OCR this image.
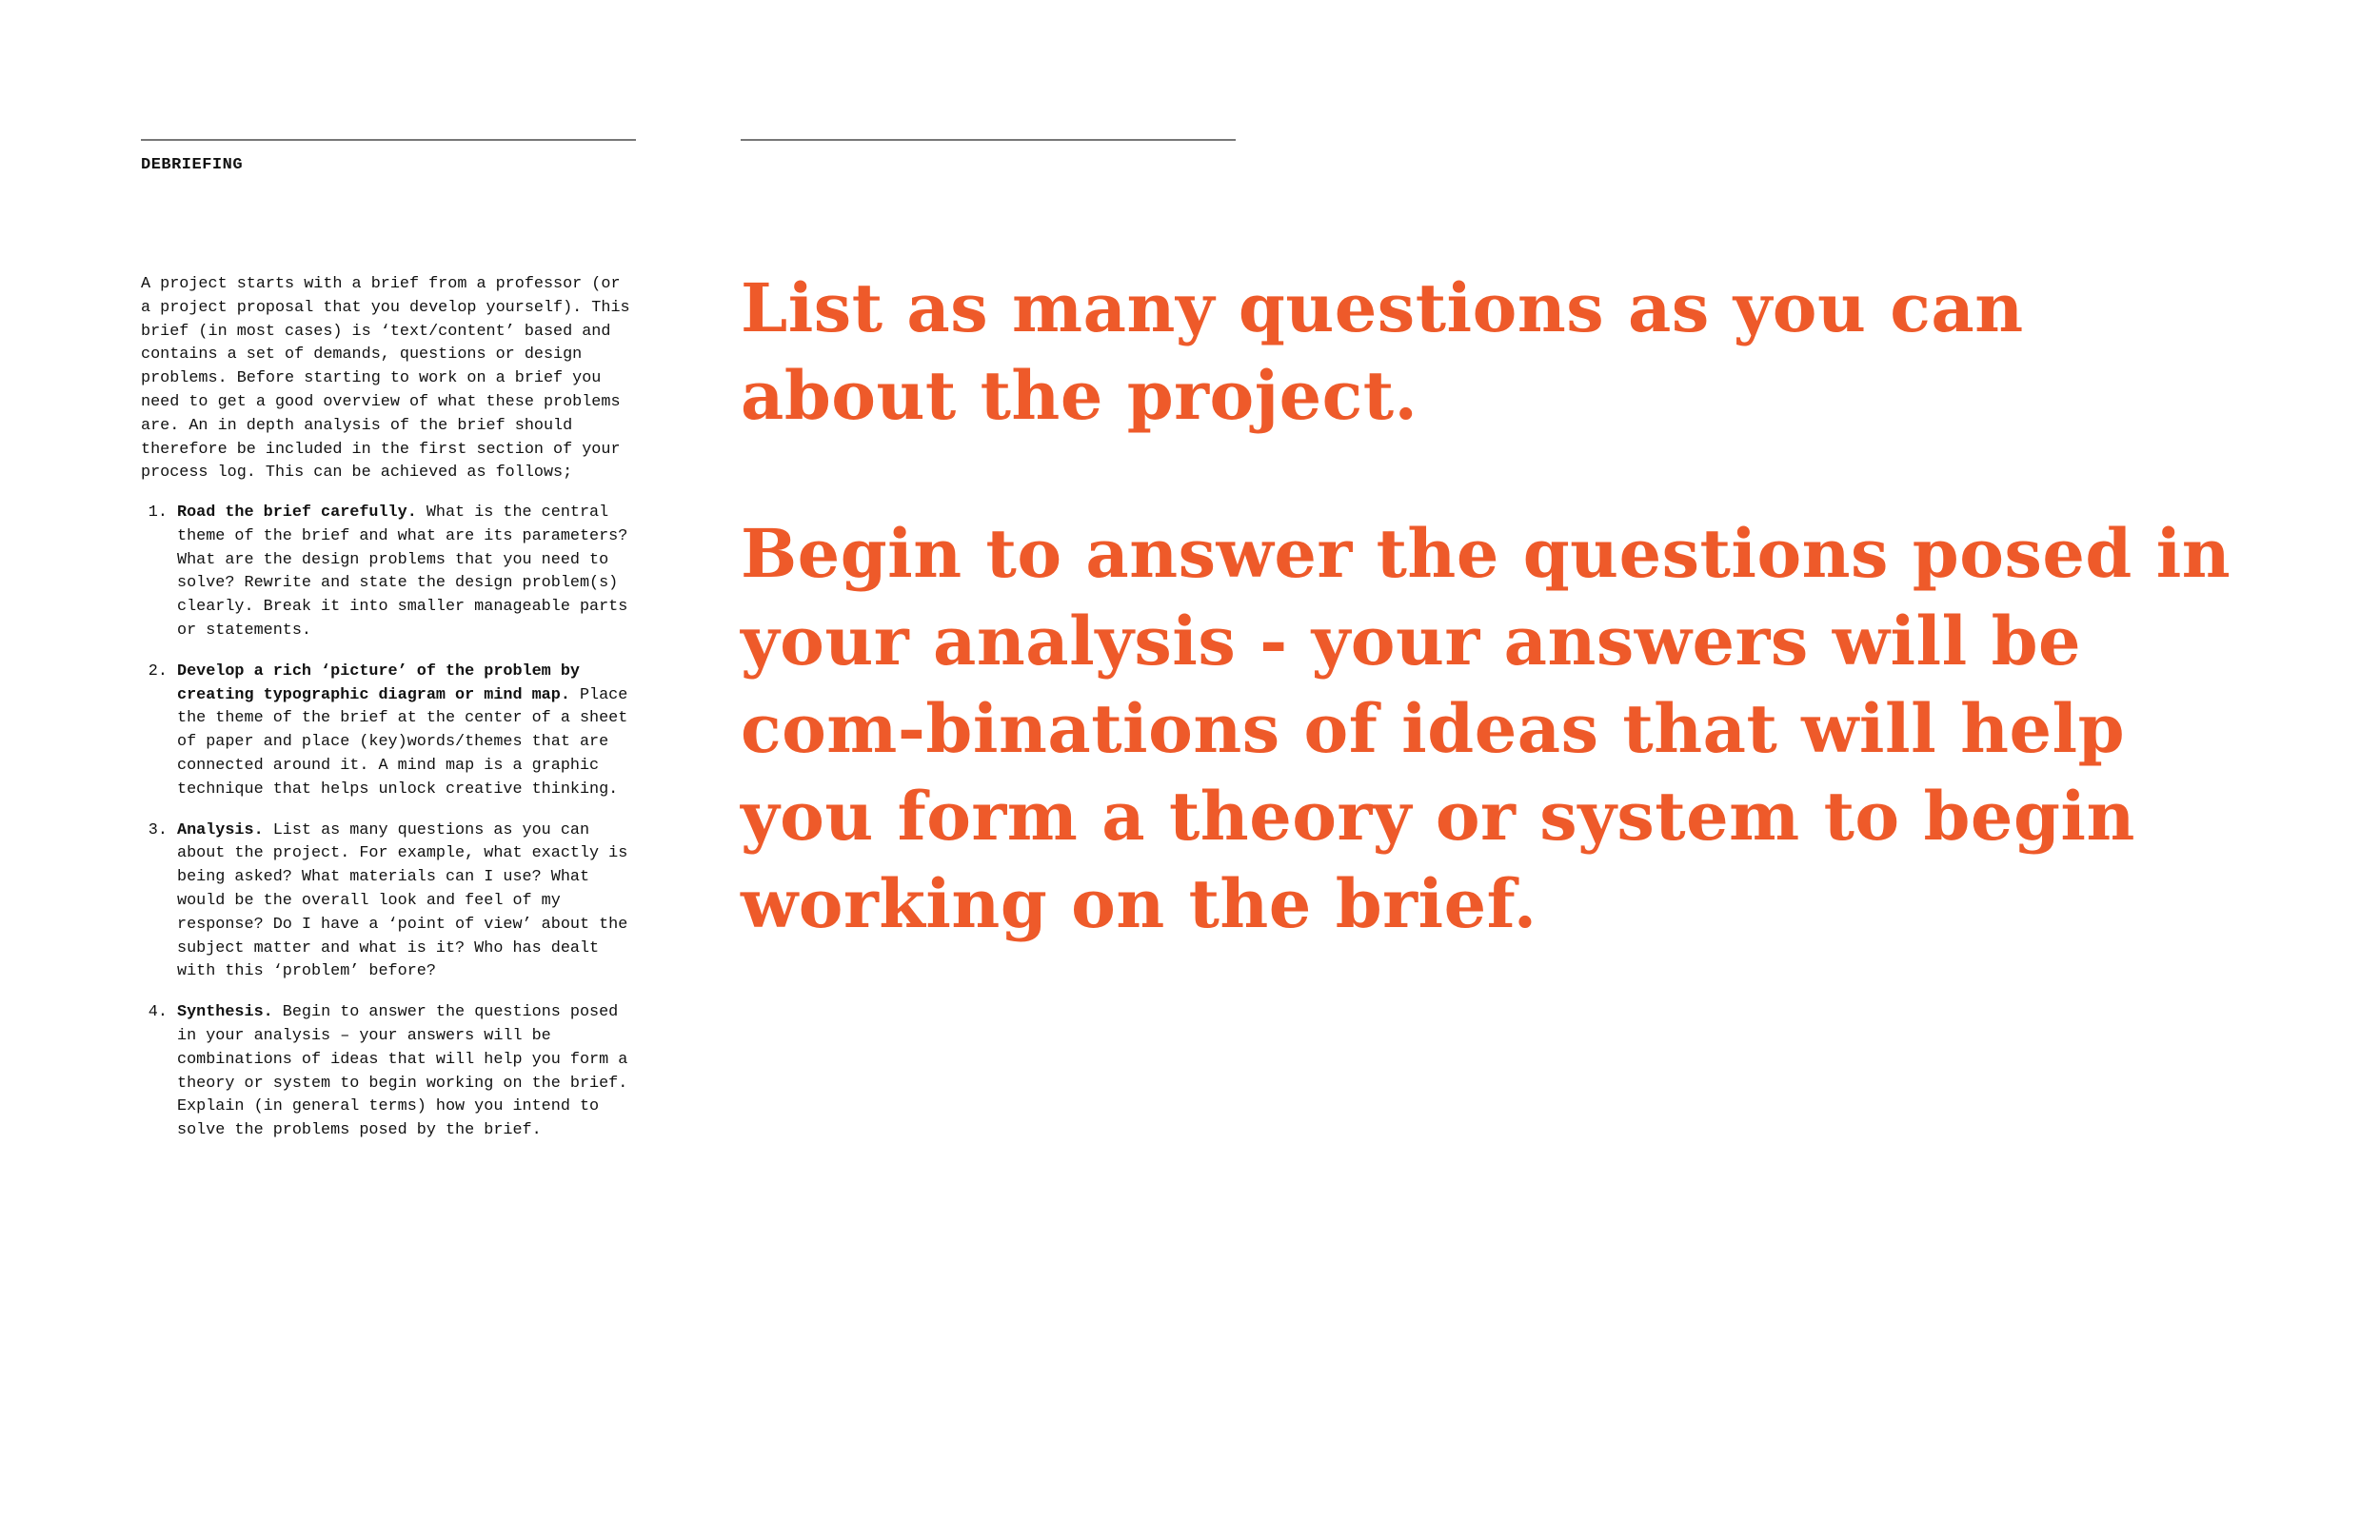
DEBRIEFING

A project starts with a brief from a professor (or a project proposal that you develop yourself). This brief (in most cases) is ‘text/content’ based and contains a set of demands, questions or design problems. Before starting to work on a brief you need to get a good overview of what these problems are. An in depth analysis of the brief should therefore be included in the first section of your process log. This can be achieved as follows;

1. Road the brief carefully. What is the central theme of the brief and what are its parameters? What are the design problems that you need to solve? Rewrite and state the design problem(s) clearly. Break it into smaller manageable parts or statements.
2. Develop a rich ‘picture’ of the problem by creating typographic diagram or mind map. Place the theme of the brief at the center of a sheet of paper and place (key)words/themes that are connected around it. A mind map is a graphic technique that helps unlock creative thinking.
3. Analysis. List as many questions as you can about the project. For example, what exactly is being asked? What materials can I use? What would be the overall look and feel of my response? Do I have a ‘point of view’ about the subject matter and what is it? Who has dealt with this ‘problem’ before?
4. Synthesis. Begin to answer the questions posed in your analysis – your answers will be combinations of ideas that will help you form a theory or system to begin working on the brief. Explain (in general terms) how you intend to solve the problems posed by the brief.

List as many questions as you can about the project.

Begin to answer the questions posed in your analysis - your answers will be com-binations of ideas that will help you form a theory or system to begin working on the brief.
